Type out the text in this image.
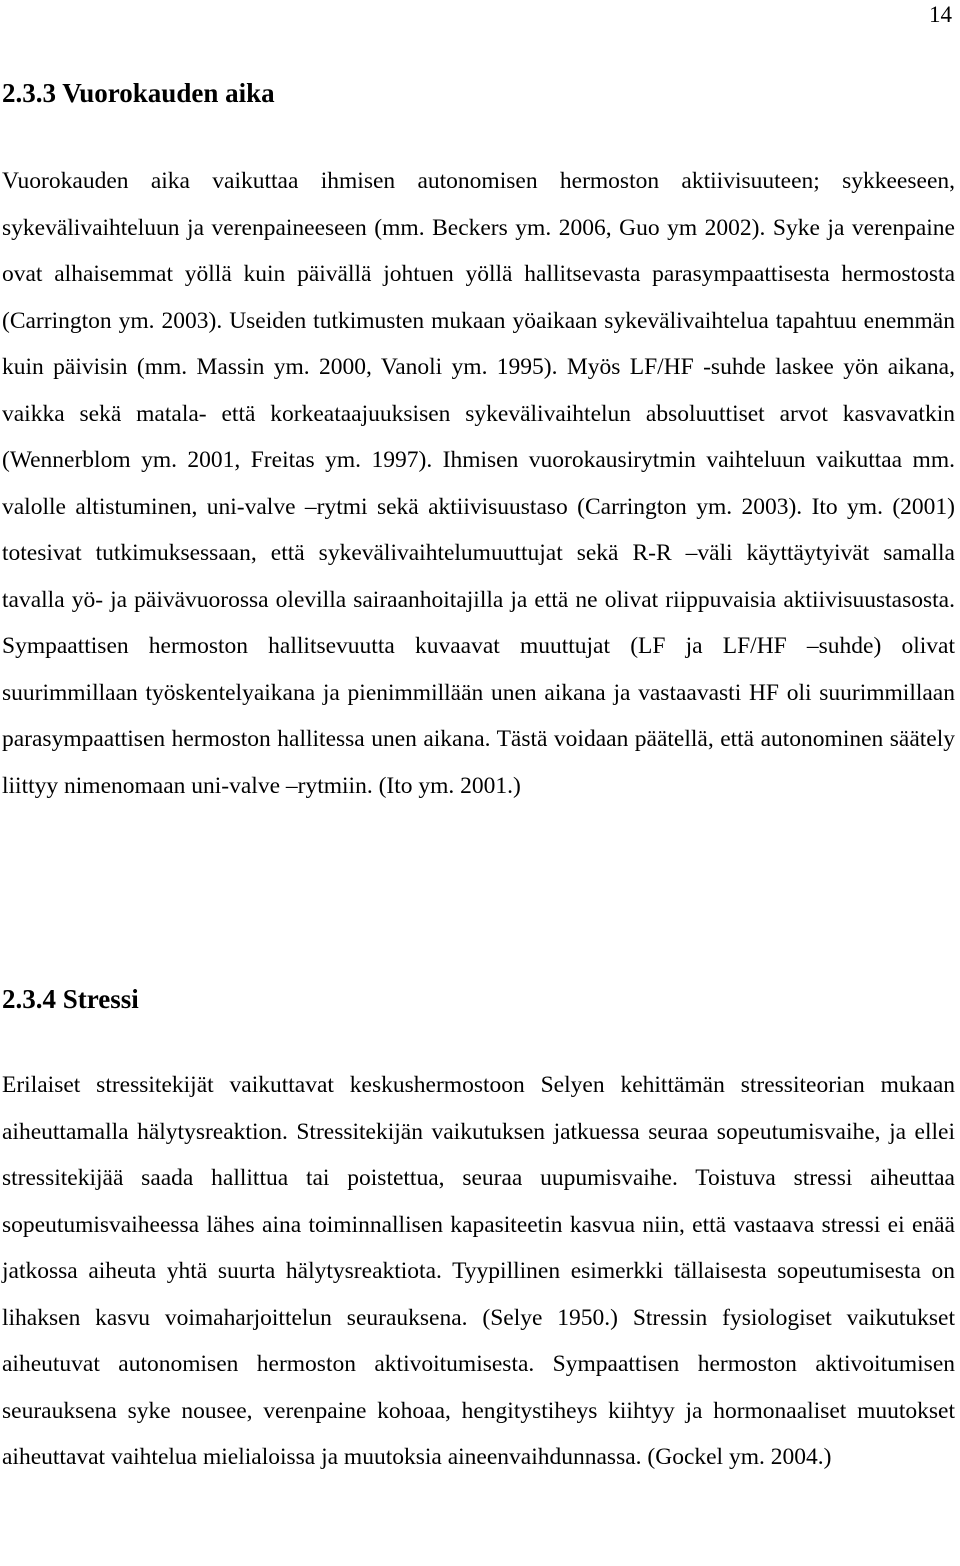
14
2.3.3 Vuorokauden aika

Vuorokauden aika vaikuttaa ihmisen autonomisen hermoston aktiivisuuteen; sykkeeseen, sykevälivaihteluun ja verenpaineeseen (mm. Beckers ym. 2006, Guo ym 2002). Syke ja verenpaine ovat alhaisemmat yöllä kuin päivällä johtuen yöllä hallitsevasta parasympaattisesta hermostosta (Carrington ym. 2003). Useiden tutkimusten mukaan yöaikaan sykevälivaihtelua tapahtuu enemmän kuin päivisin (mm. Massin ym. 2000, Vanoli ym. 1995). Myös LF/HF -suhde laskee yön aikana, vaikka sekä matala- että korkeataajuuksisen sykevälivaihtelun absoluuttiset arvot kasvavatkin (Wennerblom ym. 2001, Freitas ym. 1997). Ihmisen vuorokausirytmin vaihteluun vaikuttaa mm. valolle altistuminen, uni-valve –rytmi sekä aktiivisuustaso (Carrington ym. 2003). Ito ym. (2001) totesivat tutkimuksessaan, että sykevälivaihtelumuuttujat sekä R-R –väli käyttäytyivät samalla tavalla yö- ja päivävuorossa olevilla sairaanhoitajilla ja että ne olivat riippuvaisia aktiivisuustasosta. Sympaattisen hermoston hallitsevuutta kuvaavat muuttujat (LF ja LF/HF –suhde) olivat suurimmillaan työskentelyaikana ja pienimmillään unen aikana ja vastaavasti HF oli suurimmillaan parasympaattisen hermoston hallitessa unen aikana. Tästä voidaan päätellä, että autonominen säätely liittyy nimenomaan uni-valve –rytmiin. (Ito ym. 2001.)

2.3.4 Stressi

Erilaiset stressitekijät vaikuttavat keskushermostoon Selyen kehittämän stressiteorian mukaan aiheuttamalla hälytysreaktion. Stressitekijän vaikutuksen jatkuessa seuraa sopeutumisvaihe, ja ellei stressitekijää saada hallittua tai poistettua, seuraa uupumisvaihe. Toistuva stressi aiheuttaa sopeutumisvaiheessa lähes aina toiminnallisen kapasiteetin kasvua niin, että vastaava stressi ei enää jatkossa aiheuta yhtä suurta hälytysreaktiota. Tyypillinen esimerkki tällaisesta sopeutumisesta on lihaksen kasvu voimaharjoittelun seurauksena. (Selye 1950.) Stressin fysiologiset vaikutukset aiheutuvat autonomisen hermoston aktivoitumisesta. Sympaattisen hermoston aktivoitumisen seurauksena syke nousee, verenpaine kohoaa, hengitystiheys kiihtyy ja hormonaaliset muutokset aiheuttavat vaihtelua mielialoissa ja muutoksia aineenvaihdunnassa. (Gockel ym. 2004.)
